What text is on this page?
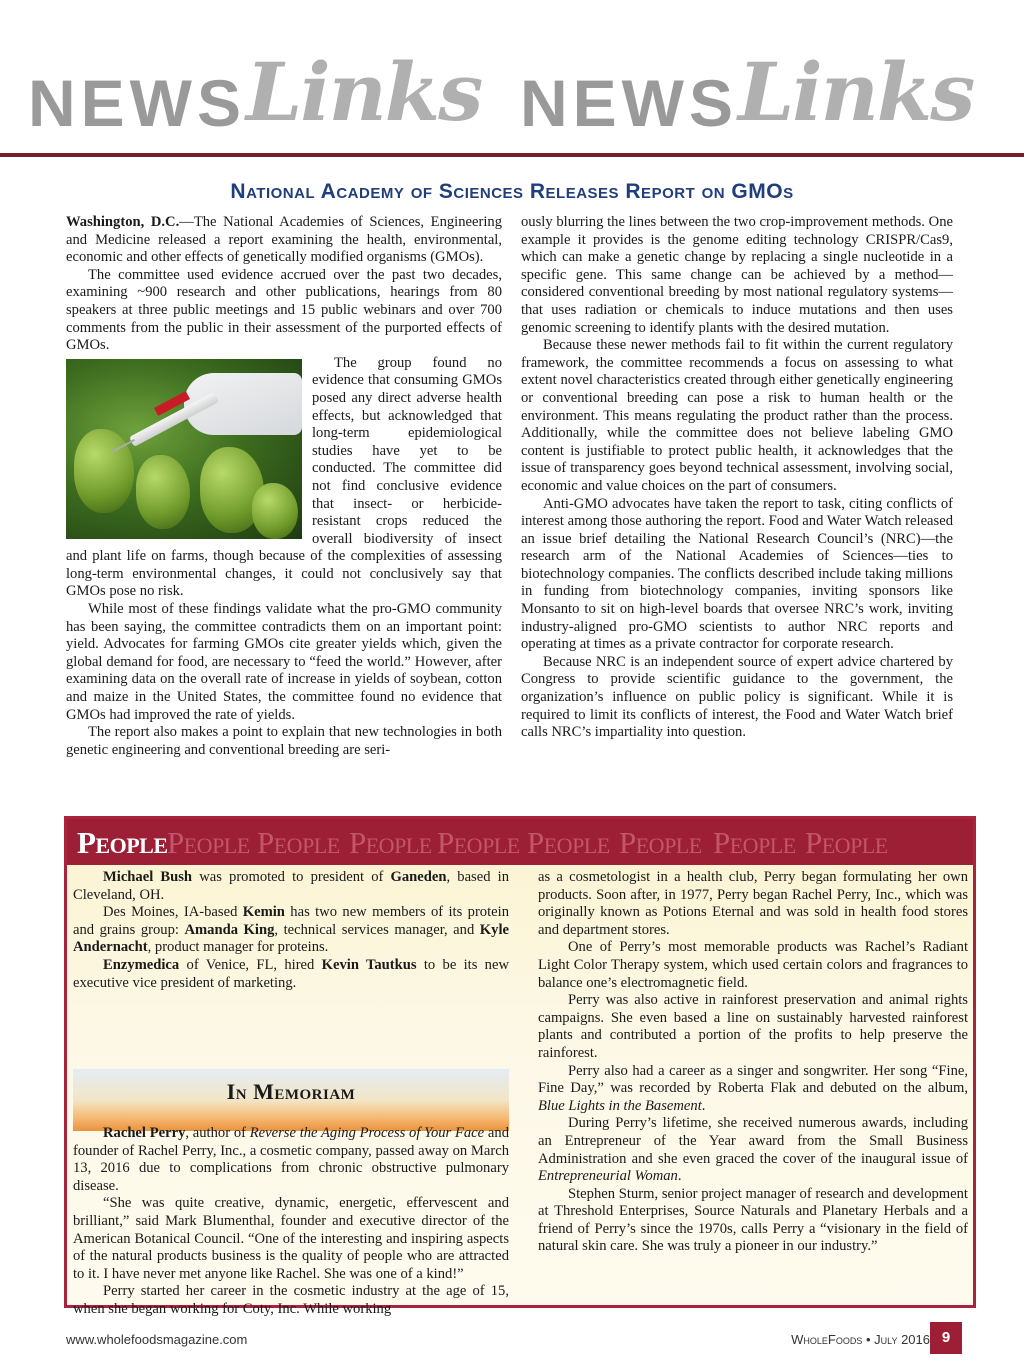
NEWS Links NEWS Links
National Academy of Sciences Releases Report on GMOs

Washington, D.C.—The National Academies of Sciences, Engineering and Medicine released a report examining the health, environmental, economic and other effects of genetically modified organisms (GMOs).

The committee used evidence accrued over the past two decades, examining ~900 research and other publications, hearings from 80 speakers at three public meetings and 15 public webinars and over 700 comments from the public in their assessment of the purported effects of GMOs.

The group found no evidence that consuming GMOs posed any direct adverse health effects, but acknowledged that long-term epidemiological studies have yet to be conducted. The committee did not find conclusive evidence that insect- or herbicide-resistant crops reduced the overall biodiversity of insect and plant life on farms, though because of the complexities of assessing long-term environmental changes, it could not conclusively say that GMOs pose no risk.

While most of these findings validate what the pro-GMO community has been saying, the committee contradicts them on an important point: yield. Advocates for farming GMOs cite greater yields which, given the global demand for food, are necessary to “feed the world.” However, after examining data on the overall rate of increase in yields of soybean, cotton and maize in the United States, the committee found no evidence that GMOs had improved the rate of yields.

The report also makes a point to explain that new technologies in both genetic engineering and conventional breeding are seri-

ously blurring the lines between the two crop-improvement methods. One example it provides is the genome editing technology CRISPR/Cas9, which can make a genetic change by replacing a single nucleotide in a specific gene. This same change can be achieved by a method—considered conventional breeding by most national regulatory systems—that uses radiation or chemicals to induce mutations and then uses genomic screening to identify plants with the desired mutation.

Because these newer methods fail to fit within the current regulatory framework, the committee recommends a focus on assessing to what extent novel characteristics created through either genetically engineering or conventional breeding can pose a risk to human health or the environment. This means regulating the product rather than the process. Additionally, while the committee does not believe labeling GMO content is justifiable to protect public health, it acknowledges that the issue of transparency goes beyond technical assessment, involving social, economic and value choices on the part of consumers.

Anti-GMO advocates have taken the report to task, citing conflicts of interest among those authoring the report. Food and Water Watch released an issue brief detailing the National Research Council’s (NRC)—the research arm of the National Academies of Sciences—ties to biotechnology companies. The conflicts described include taking millions in funding from biotechnology companies, inviting sponsors like Monsanto to sit on high-level boards that oversee NRC’s work, inviting industry-aligned pro-GMO scientists to author NRC reports and operating at times as a private contractor for corporate research.

Because NRC is an independent source of expert advice chartered by Congress to provide scientific guidance to the government, the organization’s influence on public policy is significant. While it is required to limit its conflicts of interest, the Food and Water Watch brief calls NRC’s impartiality into question.

People People People People People People People People People

Michael Bush was promoted to president of Ganeden, based in Cleveland, OH.

Des Moines, IA-based Kemin has two new members of its protein and grains group: Amanda King, technical services manager, and Kyle Andernacht, product manager for proteins.

Enzymedica of Venice, FL, hired Kevin Tautkus to be its new executive vice president of marketing.

In Memoriam

Rachel Perry, author of Reverse the Aging Process of Your Face and founder of Rachel Perry, Inc., a cosmetic company, passed away on March 13, 2016 due to complications from chronic obstructive pulmonary disease.

“She was quite creative, dynamic, energetic, effervescent and brilliant,” said Mark Blumenthal, founder and executive director of the American Botanical Council. “One of the interesting and inspiring aspects of the natural products business is the quality of people who are attracted to it. I have never met anyone like Rachel. She was one of a kind!”

Perry started her career in the cosmetic industry at the age of 15, when she began working for Coty, Inc. While working

as a cosmetologist in a health club, Perry began formulating her own products. Soon after, in 1977, Perry began Rachel Perry, Inc., which was originally known as Potions Eternal and was sold in health food stores and department stores.

One of Perry’s most memorable products was Rachel’s Radiant Light Color Therapy system, which used certain colors and fragrances to balance one’s electromagnetic field.

Perry was also active in rainforest preservation and animal rights campaigns. She even based a line on sustainably harvested rainforest plants and contributed a portion of the profits to help preserve the rainforest.

Perry also had a career as a singer and songwriter. Her song “Fine, Fine Day,” was recorded by Roberta Flak and debuted on the album, Blue Lights in the Basement.

During Perry’s lifetime, she received numerous awards, including an Entrepreneur of the Year award from the Small Business Administration and she even graced the cover of the inaugural issue of Entrepreneurial Woman.

Stephen Sturm, senior project manager of research and development at Threshold Enterprises, Source Naturals and Planetary Herbals and a friend of Perry’s since the 1970s, calls Perry a “visionary in the field of natural skin care. She was truly a pioneer in our industry.”

www.wholefoodsmagazine.com	WholeFoods • July 2016 9
